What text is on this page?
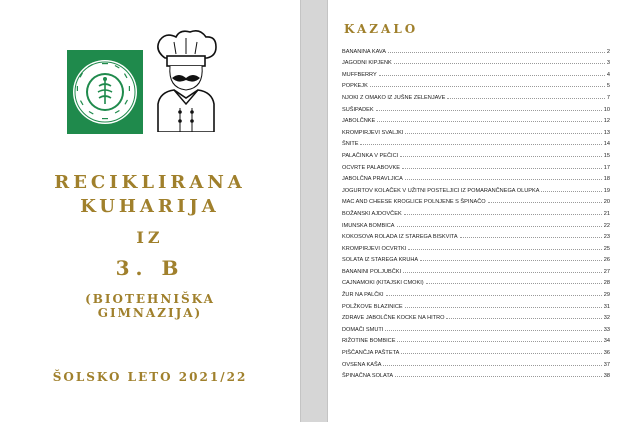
RECIKLIRANA
KUHARIJA
IZ
3. B
(BIOTEHNIŠKA
GIMNAZIJA)
ŠOLSKO LETO 2021/22
KAZALO
BANANINA KAVA	2
JAGODNI KIPJENK	3
MUFFBERRY	4
POPKEJK	5
NJOKI Z OMAKO IZ JUŠNE ZELENJAVE	7
SUŠIPADEK	10
JABOLČNKE	12
KROMPIRJEVI SVALJKI	13
ŠNITE	14
PALAČINKA V PEČICI	15
OCVRTE PALABOVKE	17
JABOLČNA PRAVLJICA	18
JOGURTOV KOLAČEK V UŽITNI POSTELJICI IZ POMARANČNEGA OLUPKA	19
MAC AND CHEESE KROGLICE POLNJENE S ŠPINAČO	20
BOŽANSKI AJDOVČEK	21
IMUNSKA BOMBICA	22
KOKOSOVA ROLADA IZ STAREGA BISKVITA	23
KROMPIRJEVI OCVRTKI	25
SOLATA IZ STAREGA KRUHA	26
BANANINI POLJUBČKI	27
CAJNAMOKI (KITAJSKI CMOKI)	28
ŽUR NA PALČKI	29
POLŽKOVE BLAZINICE	31
ZDRAVE JABOLČNE KOCKE NA HITRO	32
DOMAČI SMUTI	33
RIŽOTINE BOMBICE	34
PIŠČANČJA PAŠTETA	36
OVSENA KAŠA	37
ŠPINAČNA SOLATA	38
